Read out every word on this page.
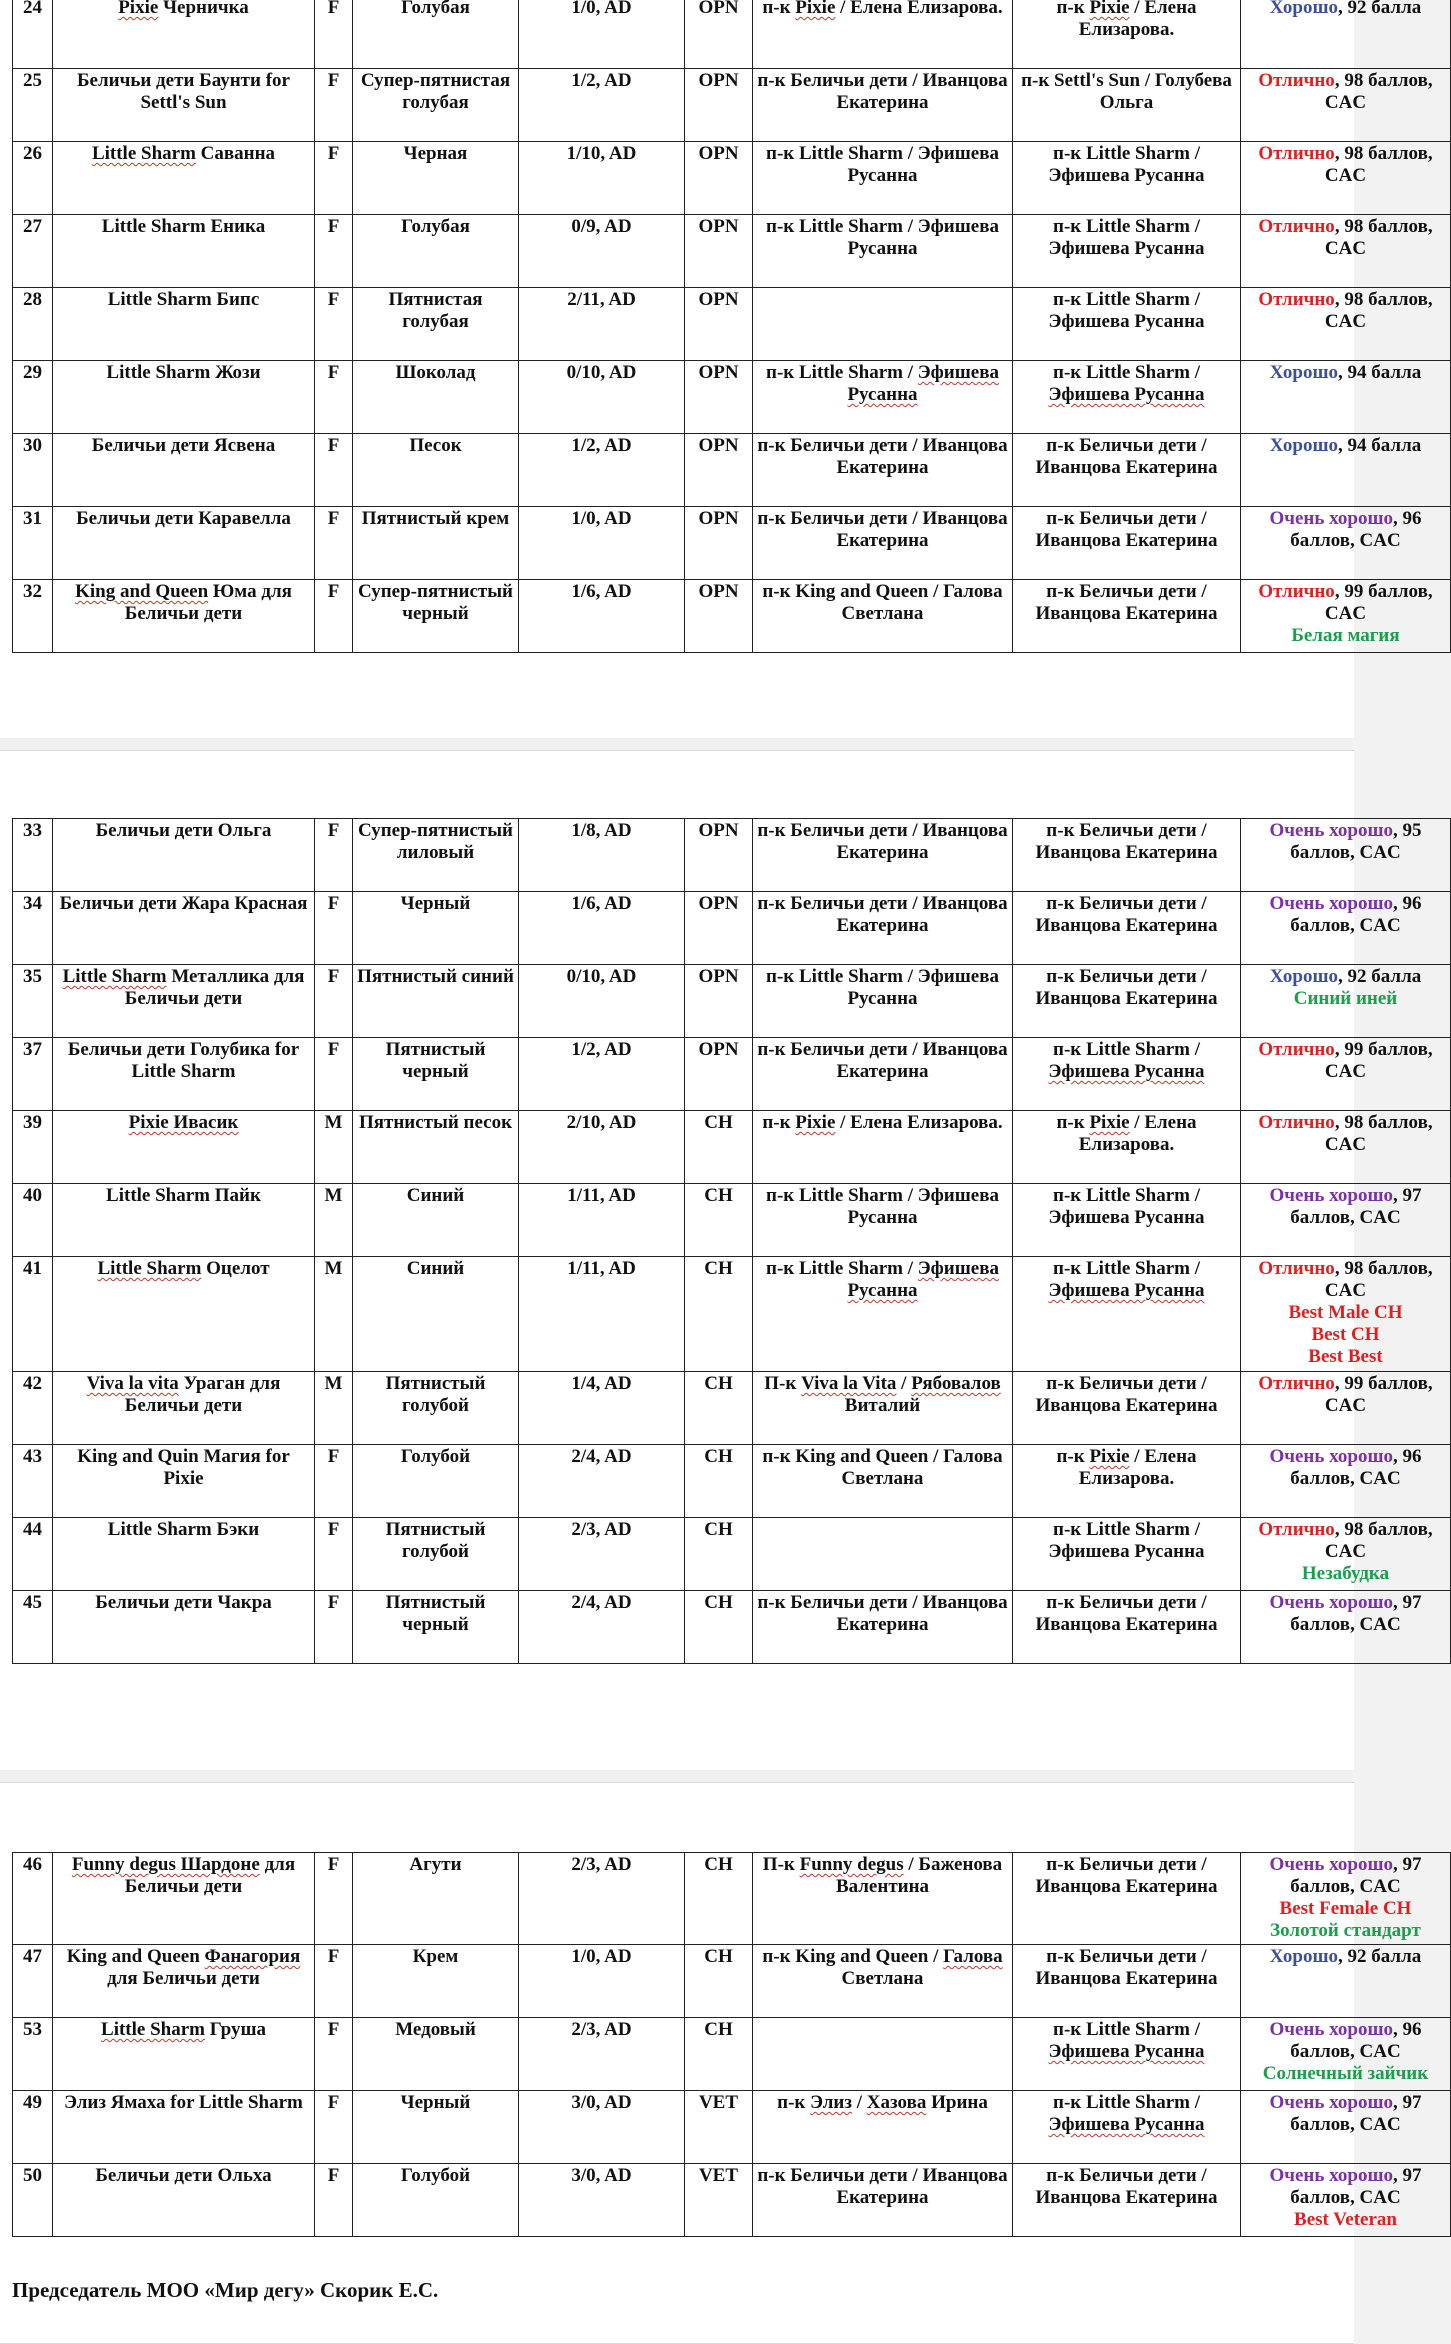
24	Pixie Черничка	F	Голубая	1/0, AD	OPN	п-к Pixie / Елена Елизарова.	п-к Pixie / Елена Елизарова.	Хорошо, 92 балла
25	Беличьи дети Баунти for Settl's Sun	F	Супер-пятнистая голубая	1/2, AD	OPN	п-к Беличьи дети / Иванцова Екатерина	п-к Settl's Sun / Голубева Ольга	Отлично, 98 баллов, CAC
26	Little Sharm Саванна	F	Черная	1/10, AD	OPN	п-к Little Sharm / Эфишева Русанна	п-к Little Sharm / Эфишева Русанна	Отлично, 98 баллов, CAC
27	Little Sharm Еника	F	Голубая	0/9, AD	OPN	п-к Little Sharm / Эфишева Русанна	п-к Little Sharm / Эфишева Русанна	Отлично, 98 баллов, CAC
28	Little Sharm Бипс	F	Пятнистая голубая	2/11, AD	OPN		п-к Little Sharm / Эфишева Русанна	Отлично, 98 баллов, CAC
29	Little Sharm Жози	F	Шоколад	0/10, AD	OPN	п-к Little Sharm / Эфишева Русанна	п-к Little Sharm / Эфишева Русанна	Хорошо, 94 балла
30	Беличьи дети Ясвена	F	Песок	1/2, AD	OPN	п-к Беличьи дети / Иванцова Екатерина	п-к Беличьи дети / Иванцова Екатерина	Хорошо, 94 балла
31	Беличьи дети Каравелла	F	Пятнистый крем	1/0, AD	OPN	п-к Беличьи дети / Иванцова Екатерина	п-к Беличьи дети / Иванцова Екатерина	Очень хорошо, 96 баллов, CAC
32	King and Queen Юма для Беличьи дети	F	Супер-пятнистый черный	1/6, AD	OPN	п-к King and Queen / Галова Светлана	п-к Беличьи дети / Иванцова Екатерина	Отлично, 99 баллов, CAC
Белая магия
33	Беличьи дети Ольга	F	Супер-пятнистый лиловый	1/8, AD	OPN	п-к Беличьи дети / Иванцова Екатерина	п-к Беличьи дети / Иванцова Екатерина	Очень хорошо, 95 баллов, CAC
34	Беличьи дети Жара Красная	F	Черный	1/6, AD	OPN	п-к Беличьи дети / Иванцова Екатерина	п-к Беличьи дети / Иванцова Екатерина	Очень хорошо, 96 баллов, CAC
35	Little Sharm Металлика для Беличьи дети	F	Пятнистый синий	0/10, AD	OPN	п-к Little Sharm / Эфишева Русанна	п-к Беличьи дети / Иванцова Екатерина	Хорошо, 92 балла
Синий иней

37	Беличьи дети Голубика for Little Sharm	F	Пятнистый черный	1/2, AD	OPN	п-к Беличьи дети / Иванцова Екатерина	п-к Little Sharm / Эфишева Русанна	Отлично, 99 баллов, CAC
39	Pixie Ивасик	M	Пятнистый песок	2/10, AD	CH	п-к Pixie / Елена Елизарова.	п-к Pixie / Елена Елизарова.	Отлично, 98 баллов, CAC
40	Little Sharm Пайк	M	Синий	1/11, AD	CH	п-к Little Sharm / Эфишева Русанна	п-к Little Sharm / Эфишева Русанна	Очень хорошо, 97 баллов, CAC
41	Little Sharm Оцелот	M	Синий	1/11, AD	CH	п-к Little Sharm / Эфишева Русанна	п-к Little Sharm / Эфишева Русанна	Отлично, 98 баллов, CAC
Best Male CH
Best CH
Best Best

42	Viva la vita Ураган для Беличьи дети	M	Пятнистый голубой	1/4, AD	CH	П-к Viva la Vita / Рябовалов Виталий	п-к Беличьи дети / Иванцова Екатерина	Отлично, 99 баллов, CAC
43	King and Quin Магия for Pixie	F	Голубой	2/4, AD	CH	п-к King and Queen / Галова Светлана	п-к Pixie / Елена Елизарова.	Очень хорошо, 96 баллов, CAC
44	Little Sharm Бэки	F	Пятнистый голубой	2/3, AD	CH		п-к Little Sharm / Эфишева Русанна	Отлично, 98 баллов, CAC
Незабудка

45	Беличьи дети Чакра	F	Пятнистый черный	2/4, AD	CH	п-к Беличьи дети / Иванцова Екатерина	п-к Беличьи дети / Иванцова Екатерина	Очень хорошо, 97 баллов, CAC
46	Funny degus Шардоне для Беличьи дети	F	Агути	2/3, AD	CH	П-к Funny degus / Баженова Валентина	п-к Беличьи дети / Иванцова Екатерина	Очень хорошо, 97 баллов, CAC
Best Female CH
Золотой стандарт

47	King and Queen Фанагория для Беличьи дети	F	Крем	1/0, AD	CH	п-к King and Queen / Галова Светлана	п-к Беличьи дети / Иванцова Екатерина	Хорошо, 92 балла
53	Little Sharm Груша	F	Медовый	2/3, AD	CH		п-к Little Sharm / Эфишева Русанна	Очень хорошо, 96 баллов, CAC
Солнечный зайчик

49	Элиз Ямаха for Little Sharm	F	Черный	3/0, AD	VET	п-к Элиз / Хазова Ирина	п-к Little Sharm / Эфишева Русанна	Очень хорошо, 97 баллов, CAC
50	Беличьи дети Ольха	F	Голубой	3/0, AD	VET	п-к Беличьи дети / Иванцова Екатерина	п-к Беличьи дети / Иванцова Екатерина	Очень хорошо, 97 баллов, CAC
Best Veteran
Председатель МОО «Мир дегу» Скорик Е.С.
